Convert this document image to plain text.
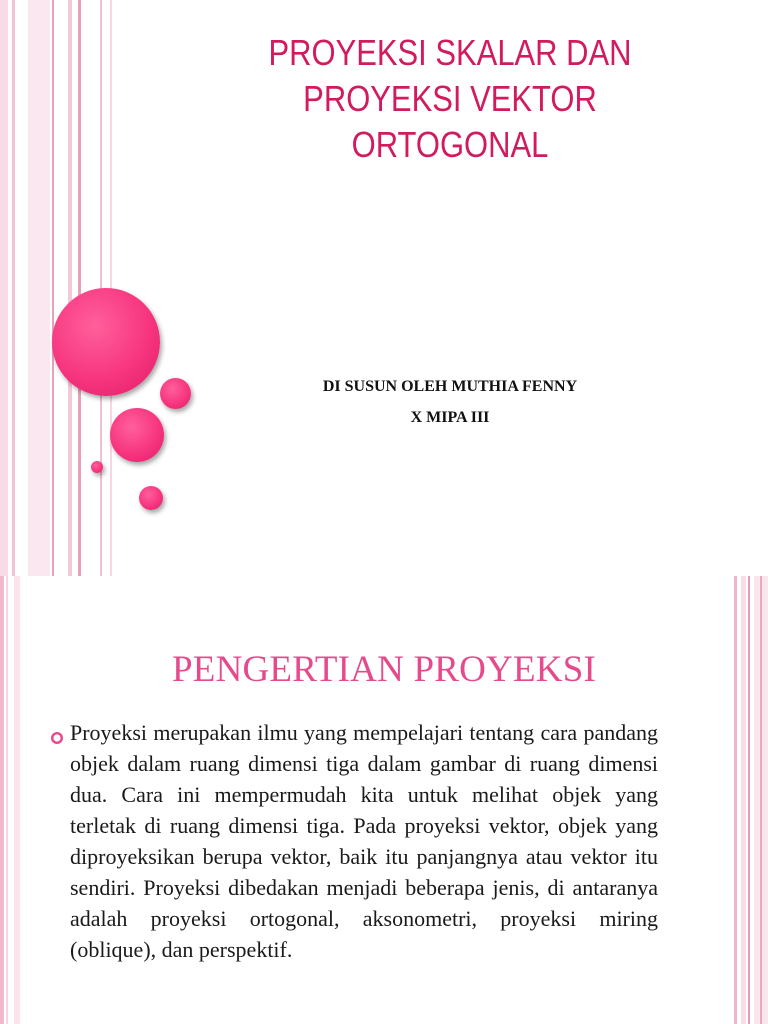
PROYEKSI SKALAR DAN
PROYEKSI VEKTOR
ORTOGONAL
DI SUSUN OLEH MUTHIA FENNY
X MIPA III
PENGERTIAN PROYEKSI

Proyeksi merupakan ilmu yang mempelajari tentang cara pandang objek dalam ruang dimensi tiga dalam gambar di ruang dimensi dua. Cara ini mempermudah kita untuk melihat objek yang terletak di ruang dimensi tiga. Pada proyeksi vektor, objek yang diproyeksikan berupa vektor, baik itu panjangnya atau vektor itu sendiri. Proyeksi dibedakan menjadi beberapa jenis, di antaranya adalah proyeksi ortogonal, aksonometri, proyeksi miring (oblique), dan perspektif.
